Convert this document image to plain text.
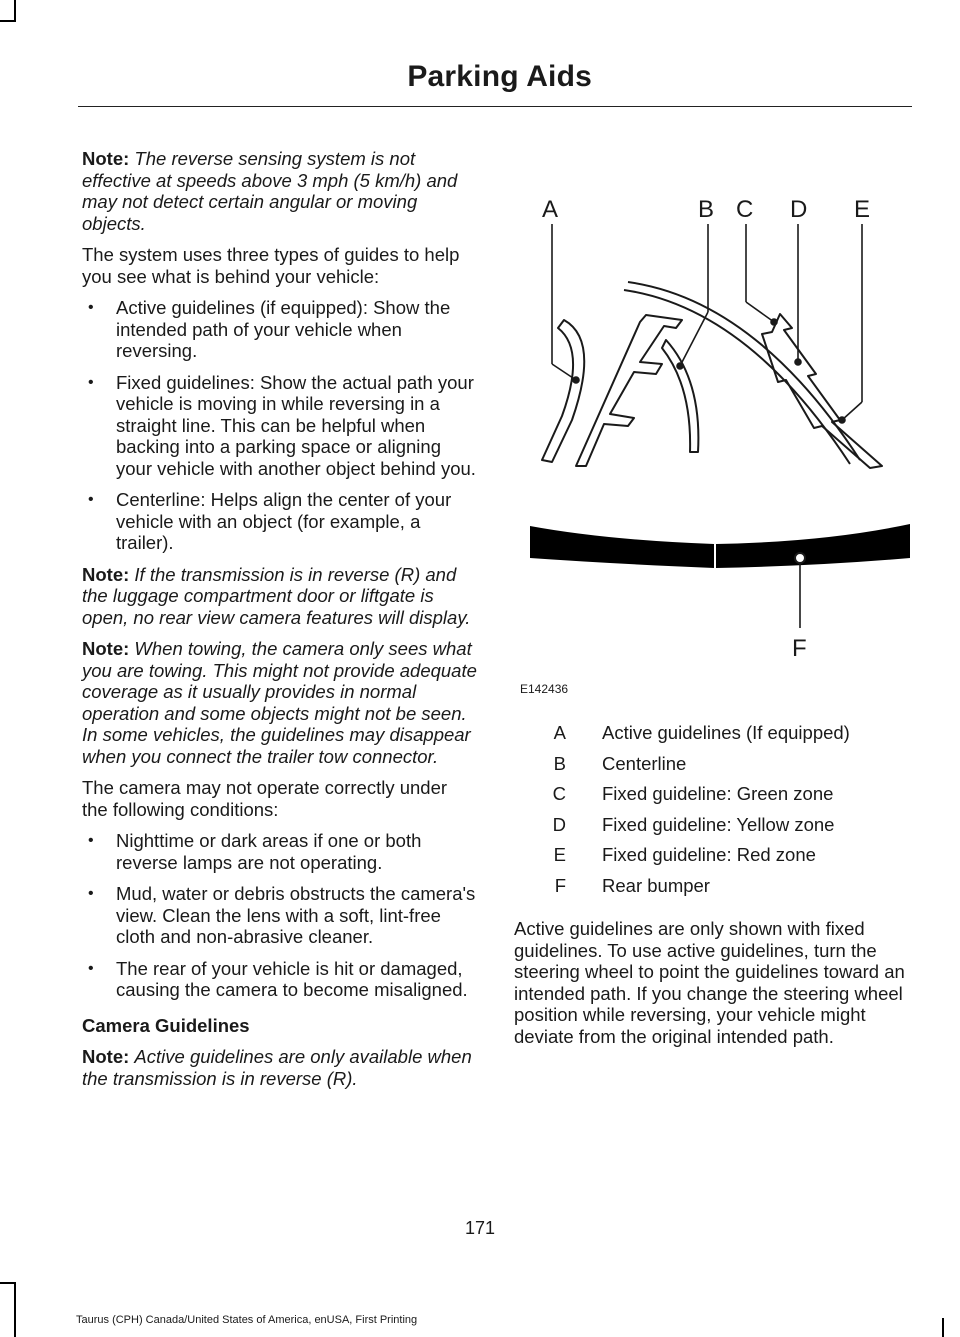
Parking Aids

Note: The reverse sensing system is not effective at speeds above 3 mph (5 km/h) and may not detect certain angular or moving objects.

The system uses three types of guides to help you see what is behind your vehicle:

• Active guidelines (if equipped): Show the intended path of your vehicle when reversing.
• Fixed guidelines: Show the actual path your vehicle is moving in while reversing in a straight line. This can be helpful when backing into a parking space or aligning your vehicle with another object behind you.
• Centerline: Helps align the center of your vehicle with an object (for example, a trailer).

Note: If the transmission is in reverse (R) and the luggage compartment door or liftgate is open, no rear view camera features will display.

Note: When towing, the camera only sees what you are towing. This might not provide adequate coverage as it usually provides in normal operation and some objects might not be seen. In some vehicles, the guidelines may disappear when you connect the trailer tow connector.

The camera may not operate correctly under the following conditions:

• Nighttime or dark areas if one or both reverse lamps are not operating.
• Mud, water or debris obstructs the camera's view. Clean the lens with a soft, lint-free cloth and non-abrasive cleaner.
• The rear of your vehicle is hit or damaged, causing the camera to become misaligned.
Camera Guidelines

Note: Active guidelines are only available when the transmission is in reverse (R).

A	B C D E
F
E142436
A Active guidelines (If equipped)
B Centerline
C Fixed guideline: Green zone
D Fixed guideline: Yellow zone
E Fixed guideline: Red zone
F Rear bumper

Active guidelines are only shown with fixed guidelines. To use active guidelines, turn the steering wheel to point the guidelines toward an intended path. If you change the steering wheel position while reversing, your vehicle might deviate from the original intended path.

171
Taurus (CPH) Canada/United States of America, enUSA, First Printing
